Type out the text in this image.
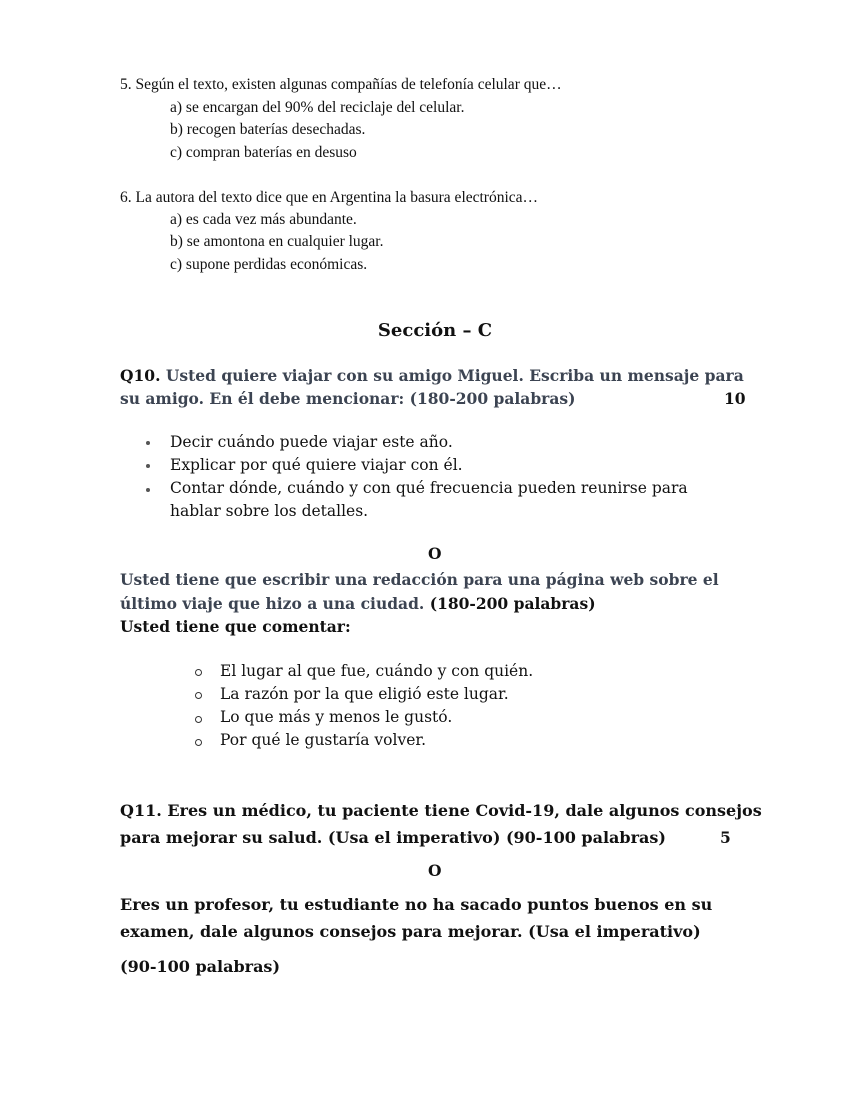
5. Según el texto, existen algunas compañías de telefonía celular que…
a) se encargan del 90% del reciclaje del celular.
b) recogen baterías desechadas.
c) compran baterías en desuso
6. La autora del texto dice que en Argentina la basura electrónica…
a) es cada vez más abundante.
b) se amontona en cualquier lugar.
c) supone perdidas económicas.
Sección – C
Q10. Usted quiere viajar con su amigo Miguel. Escriba un mensaje para
su amigo. En él debe mencionar: (180-200 palabras)	10
Decir cuándo puede viajar este año.
Explicar por qué quiere viajar con él.
Contar dónde, cuándo y con qué frecuencia pueden reunirse para
hablar sobre los detalles.
O
Usted tiene que escribir una redacción para una página web sobre el
último viaje que hizo a una ciudad. (180-200 palabras)
Usted tiene que comentar:
El lugar al que fue, cuándo y con quién.
La razón por la que eligió este lugar.
Lo que más y menos le gustó.
Por qué le gustaría volver.
Q11. Eres un médico, tu paciente tiene Covid-19, dale algunos consejos
para mejorar su salud. (Usa el imperativo) (90-100 palabras)	5
O
Eres un profesor, tu estudiante no ha sacado puntos buenos en su
examen, dale algunos consejos para mejorar. (Usa el imperativo)
(90-100 palabras)
